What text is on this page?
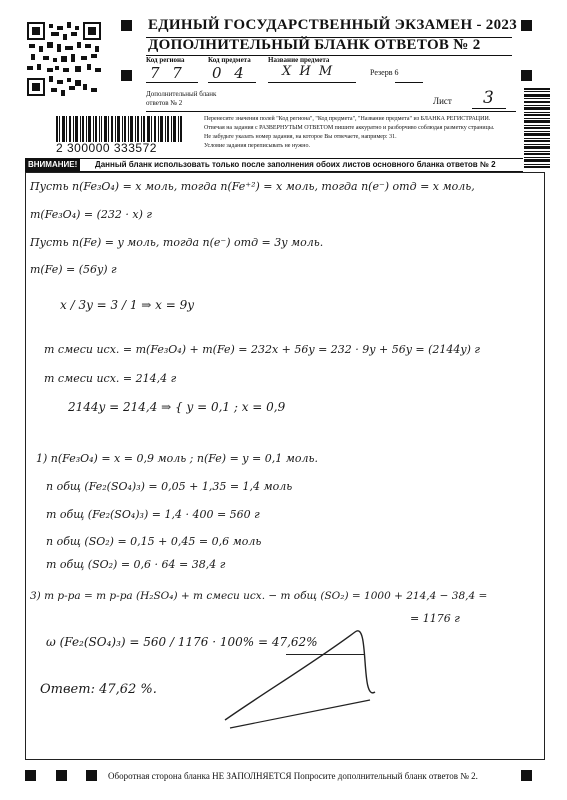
ЕДИНЫЙ ГОСУДАРСТВЕННЫЙ ЭКЗАМЕН - 2023
ДОПОЛНИТЕЛЬНЫЙ БЛАНК ОТВЕТОВ № 2
Код региона	Код предмета Название предмета
7 7 0 4	Х И М	Резерв 6
Дополнительный бланк ответов № 2	Лист 3
2 300000 333572
Перенесите значения полей "Код региона", "Код предмета", "Название предмета" из БЛАНКА РЕГИСТРАЦИИ.
Отвечая на задания с РАЗВЕРНУТЫМ ОТВЕТОМ пишите аккуратно и разборчиво соблюдая разметку страницы.
Не забудьте указать номер задания, на которое Вы отвечаете, например: 31.
Условие задания переписывать не нужно.
ВНИМАНИЕ!	Данный бланк использовать только после заполнения обоих листов основного бланка ответов № 2
Пусть n(Fe₃O₄) = x моль, тогда n(Fe⁺²) = x моль, тогда n(e⁻) отд = x моль,
m(Fe₃O₄) = (232 · x) г
Пусть n(Fe) = y моль, тогда n(e⁻) отд = 3y моль.
m(Fe) = (56y) г
x / 3y = 3 / 1 ⇒ x = 9y
m смеси исх. = m(Fe₃O₄) + m(Fe) = 232x + 56y = 232 · 9y + 56y = (2144y) г
m смеси исх. = 214,4 г
2144y = 214,4 ⇒ { y = 0,1 ; x = 0,9
1) n(Fe₃O₄) = x = 0,9 моль ; n(Fe) = y = 0,1 моль.
n общ (Fe₂(SO₄)₃) = 0,05 + 1,35 = 1,4 моль
m общ (Fe₂(SO₄)₃) = 1,4 · 400 = 560 г
n общ (SO₂) = 0,15 + 0,45 = 0,6 моль
m общ (SO₂) = 0,6 · 64 = 38,4 г
3) m р-ра = m р-ра (H₂SO₄) + m смеси исх. − m общ (SO₂) = 1000 + 214,4 − 38,4 =
= 1176 г
ω (Fe₂(SO₄)₃) = 560 / 1176 · 100% = 47,62%
Ответ: 47,62 %.
Оборотная сторона бланка НЕ ЗАПОЛНЯЕТСЯ Попросите дополнительный бланк ответов № 2.
